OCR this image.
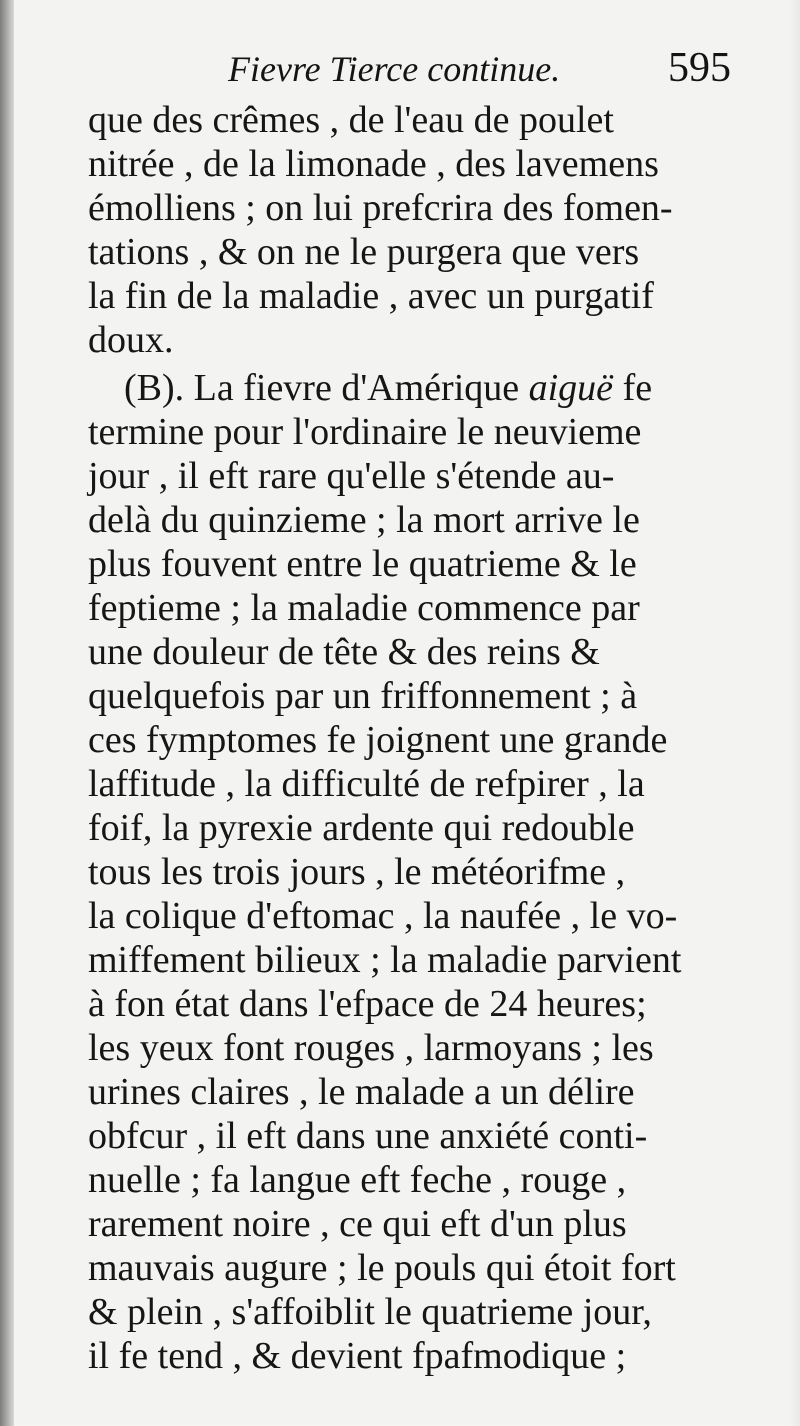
Fievre Tierce continue.	595
que des crêmes , de l'eau de poulet
nitrée , de la limonade , des lavemens
émolliens ; on lui prefcrira des fomen-
tations , & on ne le purgera que vers
la fin de la maladie , avec un purgatif
doux.
(B). La fievre d'Amérique aiguë fe
termine pour l'ordinaire le neuvieme
jour , il eft rare qu'elle s'étende au-
delà du quinzieme ; la mort arrive le
plus fouvent entre le quatrieme & le
feptieme ; la maladie commence par
une douleur de tête & des reins &
quelquefois par un friffonnement ; à
ces fymptomes fe joignent une grande
laffitude , la difficulté de refpirer , la
foif, la pyrexie ardente qui redouble
tous les trois jours , le météorifme ,
la colique d'eftomac , la naufée , le vo-
miffement bilieux ; la maladie parvient
à fon état dans l'efpace de 24 heures;
les yeux font rouges , larmoyans ; les
urines claires , le malade a un délire
obfcur , il eft dans une anxiété conti-
nuelle ; fa langue eft feche , rouge ,
rarement noire , ce qui eft d'un plus
mauvais augure ; le pouls qui étoit fort
& plein , s'affoiblit le quatrieme jour,
il fe tend , & devient fpafmodique ;
